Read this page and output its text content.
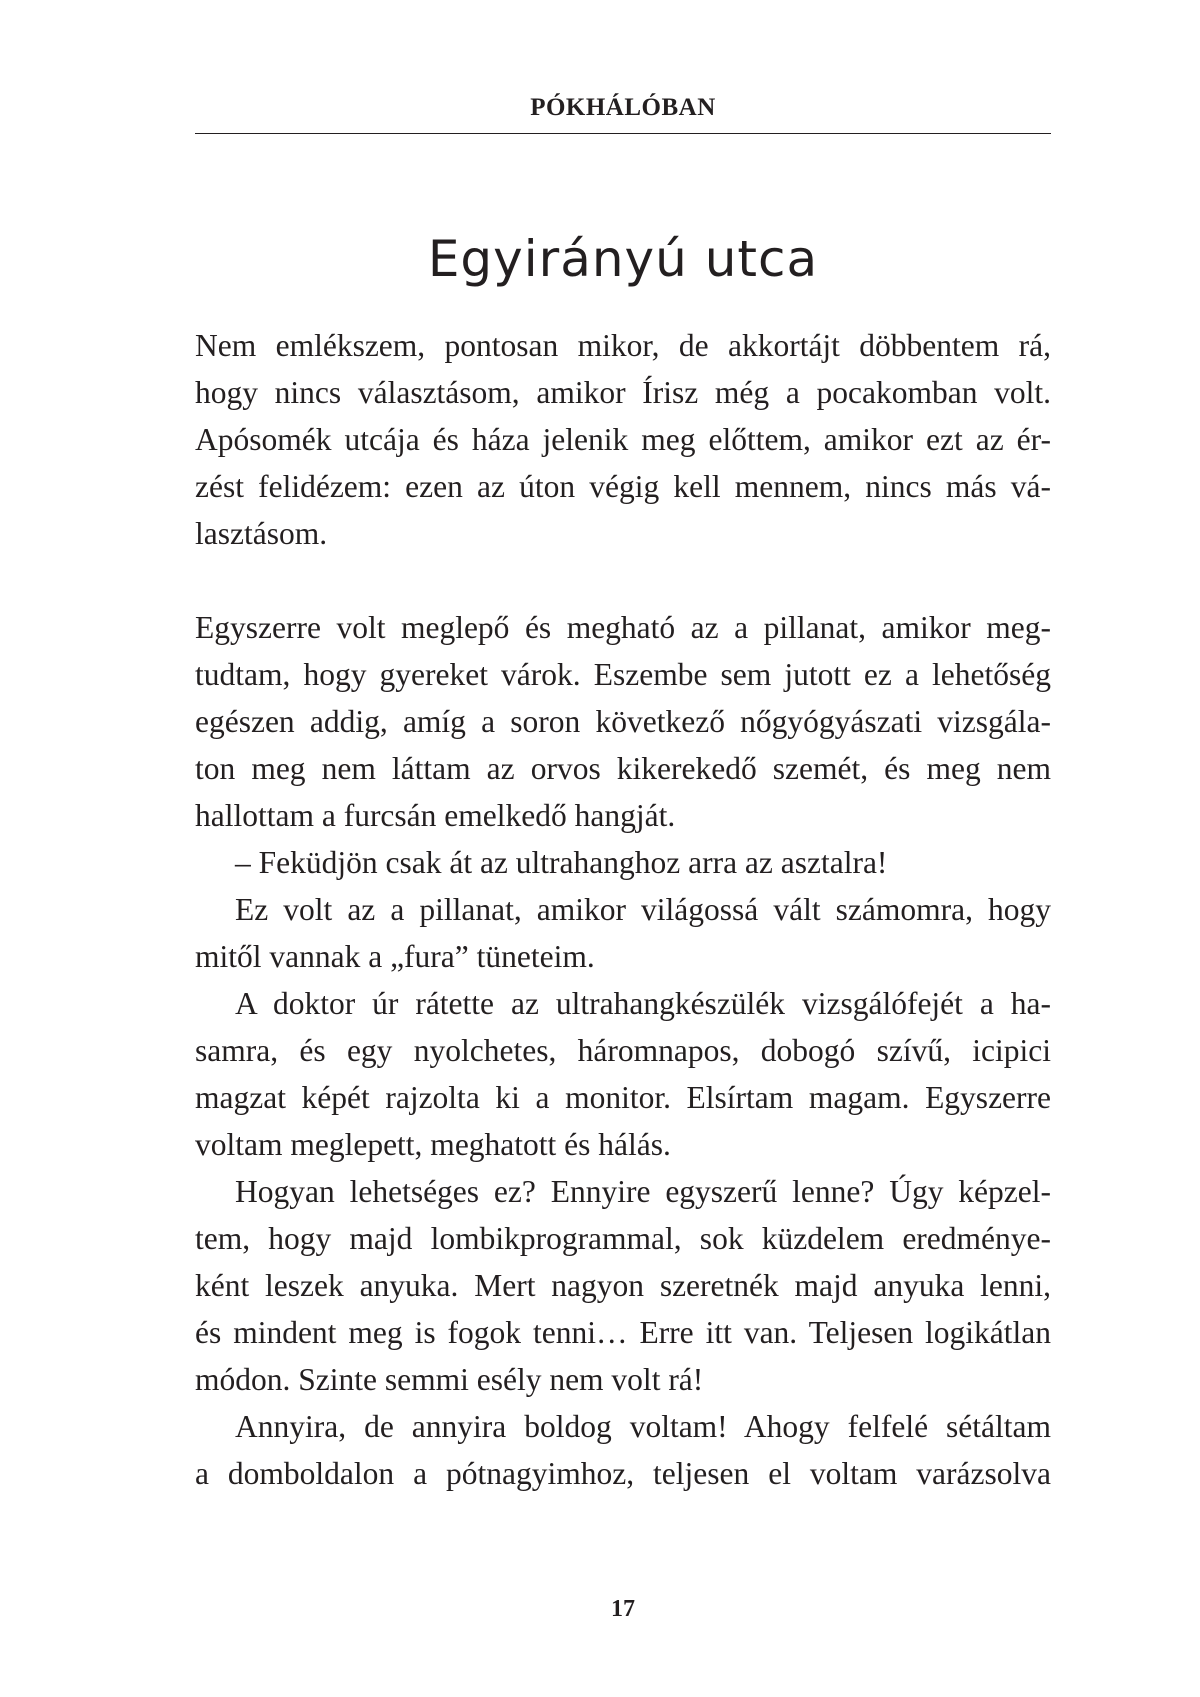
PÓKHÁLÓBAN
Egyirányú utca
Nem emlékszem, pontosan mikor, de akkortájt döbbentem rá,
hogy nincs választásom, amikor Írisz még a pocakomban volt.
Apósomék utcája és háza jelenik meg előttem, amikor ezt az ér-
zést felidézem: ezen az úton végig kell mennem, nincs más vá-
lasztásom.
Egyszerre volt meglepő és megható az a pillanat, amikor meg-
tudtam, hogy gyereket várok. Eszembe sem jutott ez a lehetőség
egészen addig, amíg a soron következő nőgyógyászati vizsgála-
ton meg nem láttam az orvos kikerekedő szemét, és meg nem
hallottam a furcsán emelkedő hangját.
– Feküdjön csak át az ultrahanghoz arra az asztalra!
Ez volt az a pillanat, amikor világossá vált számomra, hogy
mitől vannak a „fura” tüneteim.
A doktor úr rátette az ultrahangkészülék vizsgálófejét a ha-
samra, és egy nyolchetes, háromnapos, dobogó szívű, icipici
magzat képét rajzolta ki a monitor. Elsírtam magam. Egyszerre
voltam meglepett, meghatott és hálás.
Hogyan lehetséges ez? Ennyire egyszerű lenne? Úgy képzel-
tem, hogy majd lombikprogrammal, sok küzdelem eredménye-
ként leszek anyuka. Mert nagyon szeretnék majd anyuka lenni,
és mindent meg is fogok tenni… Erre itt van. Teljesen logikátlan
módon. Szinte semmi esély nem volt rá!
Annyira, de annyira boldog voltam! Ahogy felfelé sétáltam
a domboldalon a pótnagyimhoz, teljesen el voltam varázsolva
17
